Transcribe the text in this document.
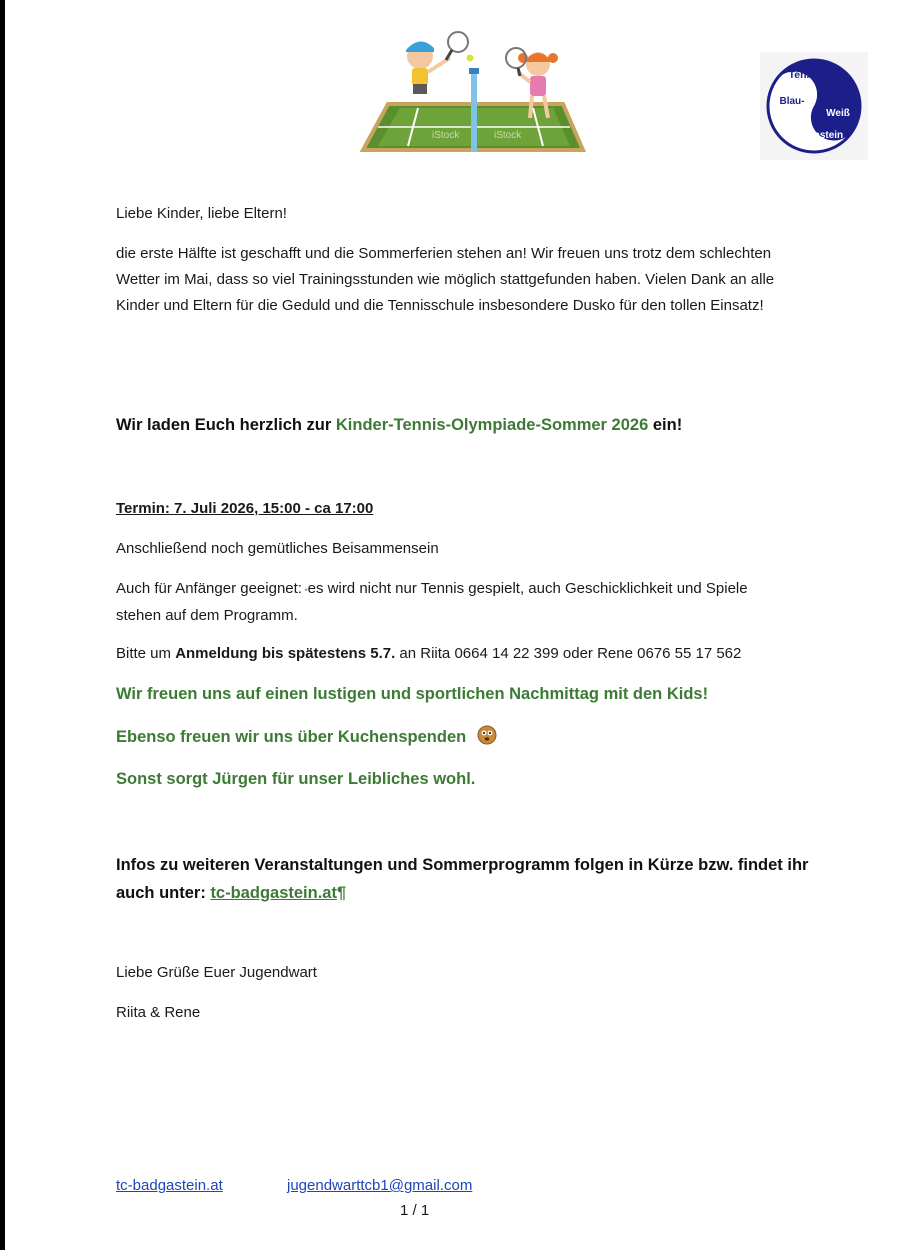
iStock	iStock
Tennisclub
Blau-
Weiß
Bad Gastein
Liebe Kinder, liebe Eltern!
die erste Hälfte ist geschafft und die Sommerferien stehen an! Wir freuen uns trotz dem schlechten
Wetter im Mai, dass so viel Trainingsstunden wie möglich stattgefunden haben. Vielen Dank an alle
Kinder und Eltern für die Geduld und die Tennisschule insbesondere Dusko für den tollen Einsatz!
Wir laden Euch herzlich zur Kinder-Tennis-Olympiade-Sommer 2026 ein!
Termin: 7. Juli 2026, 15:00 - ca 17:00
Anschließend noch gemütliches Beisammensein
Auch für Anfänger geeignet: •es wird nicht nur Tennis gespielt, auch Geschicklichkeit und Spiele
stehen auf dem Programm.
Bitte um Anmeldung bis spätestens 5.7. an Riita 0664 14 22 399 oder Rene 0676 55 17 562
Wir freuen uns auf einen lustigen und sportlichen Nachmittag mit den Kids!
Ebenso freuen wir uns über Kuchenspenden
Sonst sorgt Jürgen für unser Leibliches wohl.
Infos zu weiteren Veranstaltungen und Sommerprogramm folgen in Kürze bzw. findet ihr
auch unter: tc-badgastein.at¶
Liebe Grüße Euer Jugendwart
Riita & Rene
tc-badgastein.at	jugendwarttcb1@gmail.com
1 / 1
